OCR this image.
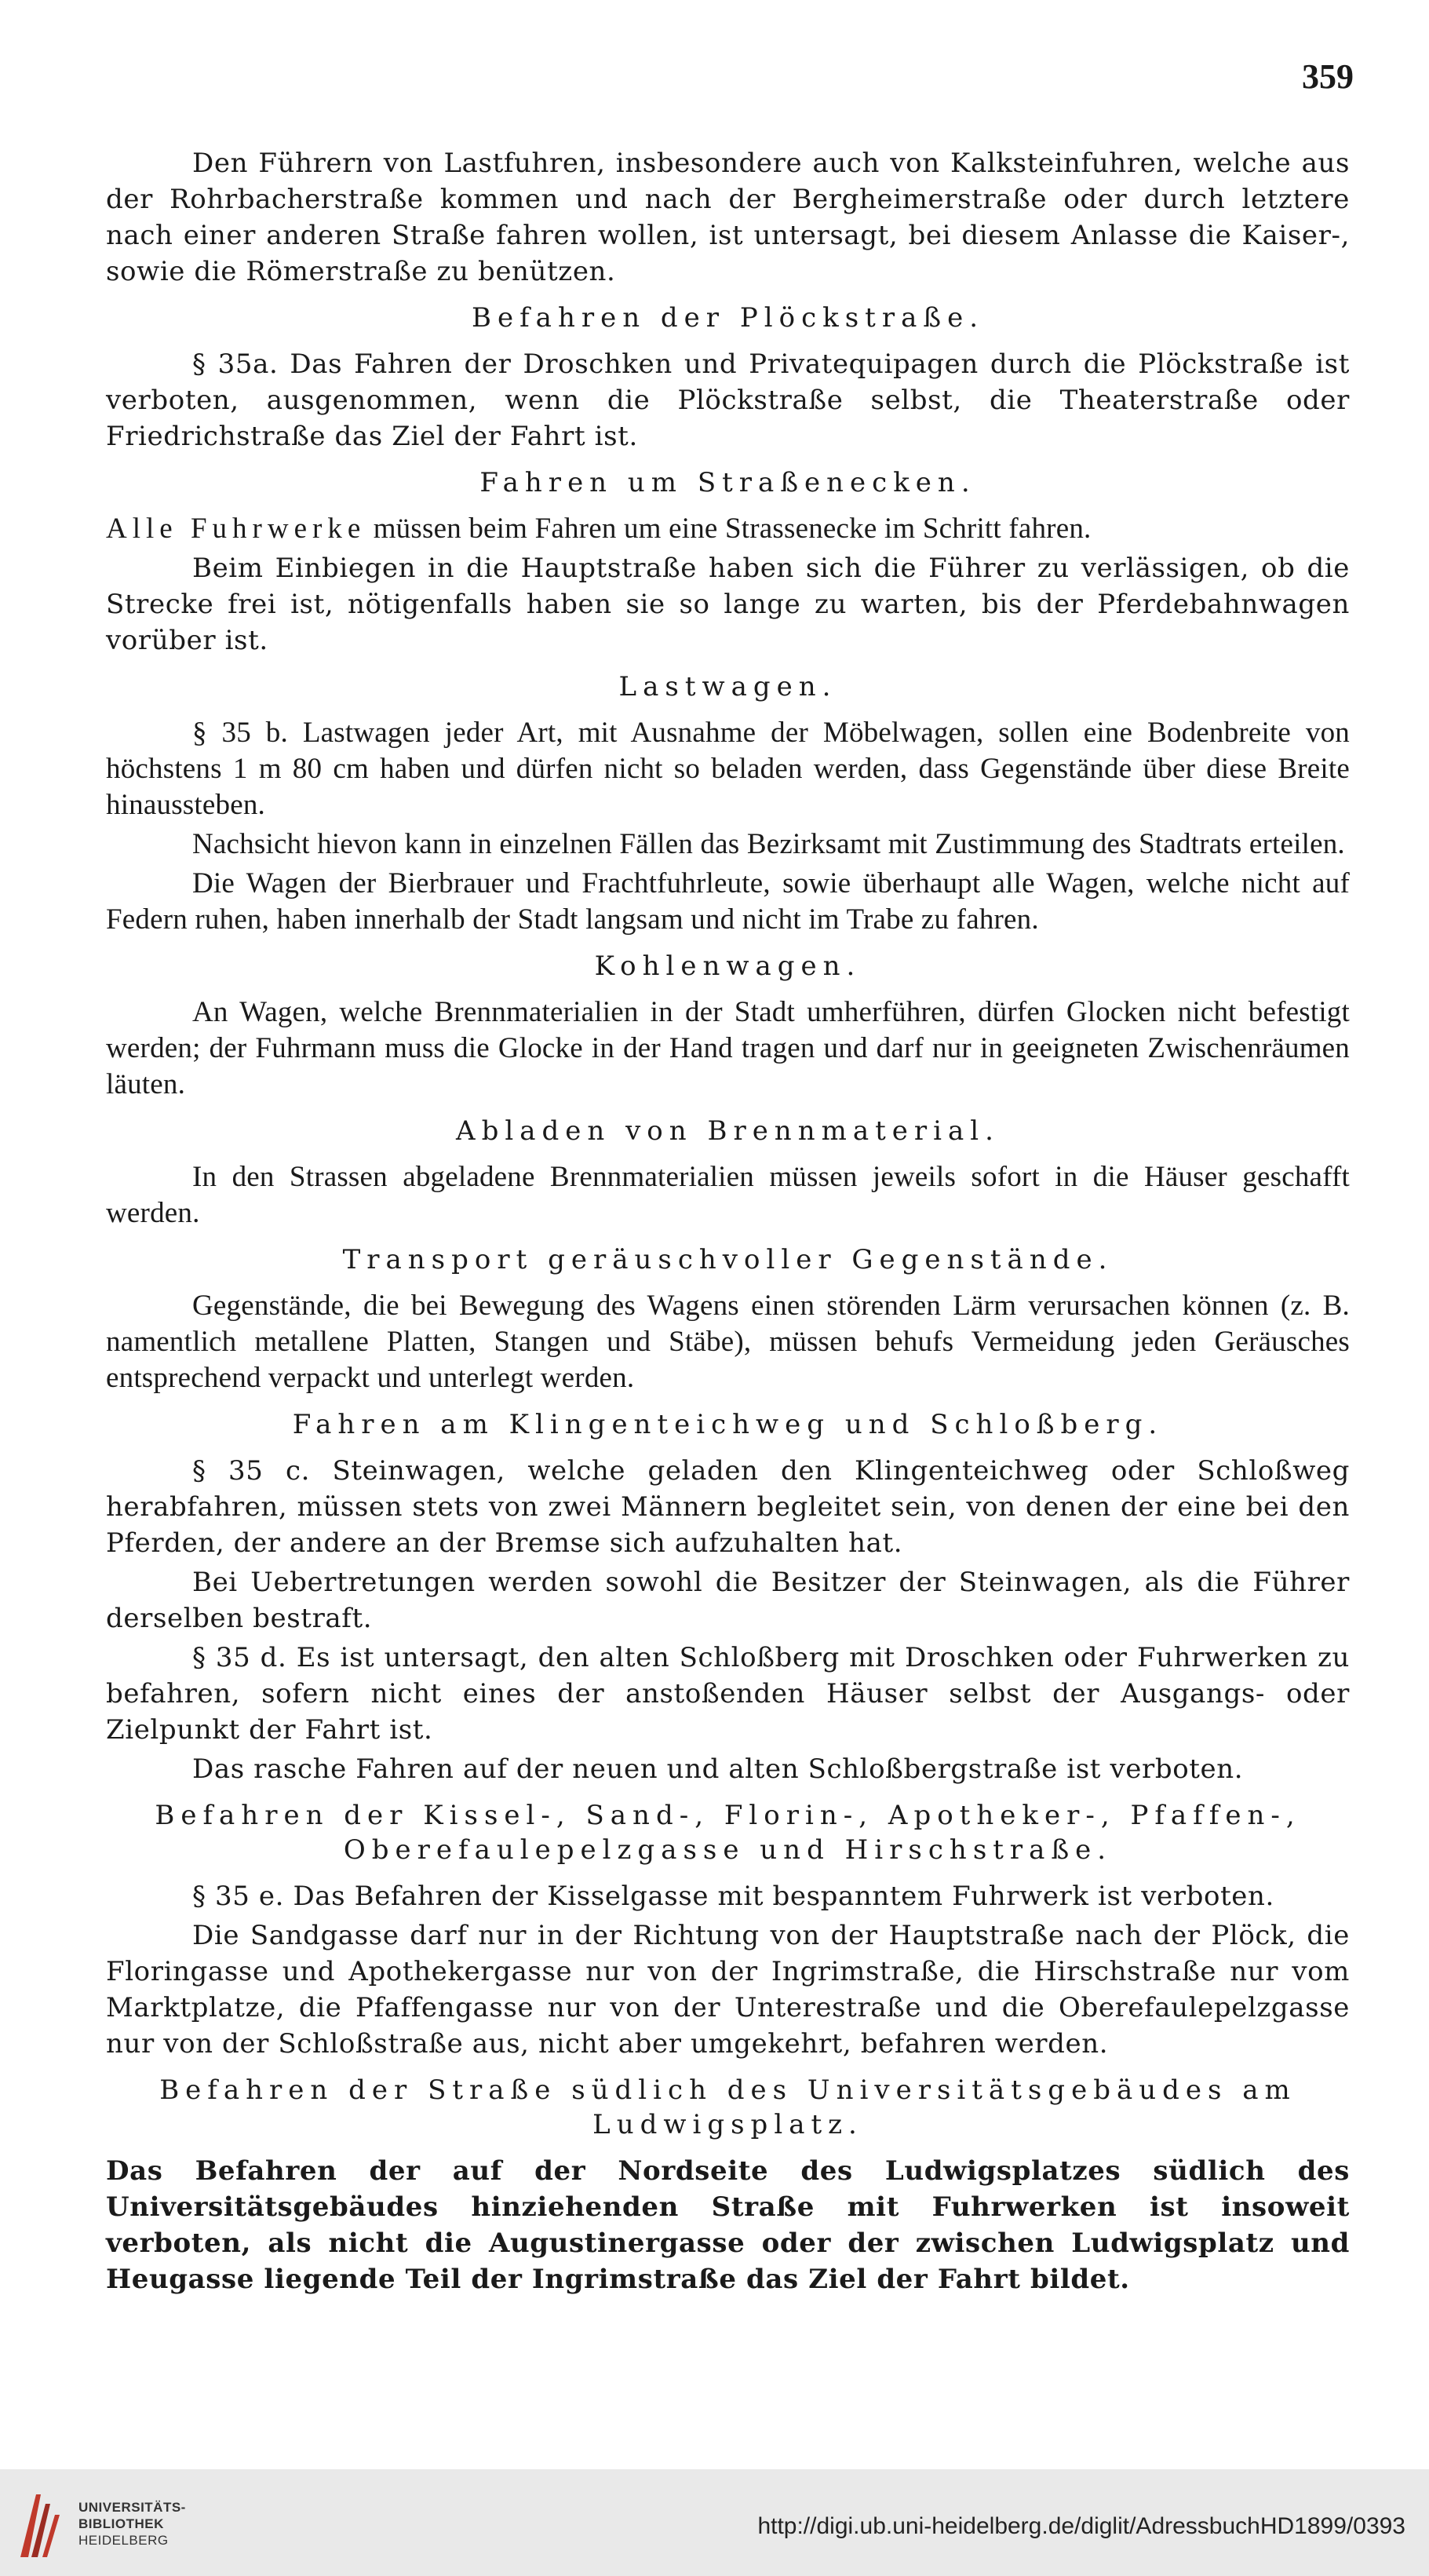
359

Den Führern von Lastfuhren, insbesondere auch von Kalksteinfuhren, welche aus der Rohrbacherstraße kommen und nach der Bergheimerstraße oder durch letztere nach einer anderen Straße fahren wollen, ist untersagt, bei diesem Anlasse die Kaiser-, sowie die Römerstraße zu benützen.

Befahren der Plöckstraße.

§ 35a. Das Fahren der Droschken und Privatequipagen durch die Plöckstraße ist verboten, ausgenommen, wenn die Plöckstraße selbst, die Theaterstraße oder Friedrichstraße das Ziel der Fahrt ist.

Fahren um Straßenecken.

Alle Fuhrwerke müssen beim Fahren um eine Strassenecke im Schritt fahren.

Beim Einbiegen in die Hauptstraße haben sich die Führer zu verlässigen, ob die Strecke frei ist, nötigenfalls haben sie so lange zu warten, bis der Pferdebahnwagen vorüber ist.

Lastwagen.

§ 35 b. Lastwagen jeder Art, mit Ausnahme der Möbelwagen, sollen eine Bodenbreite von höchstens 1 m 80 cm haben und dürfen nicht so beladen werden, dass Gegenstände über diese Breite hinaussteben.

Nachsicht hievon kann in einzelnen Fällen das Bezirksamt mit Zustimmung des Stadtrats erteilen.

Die Wagen der Bierbrauer und Frachtfuhrleute, sowie überhaupt alle Wagen, welche nicht auf Federn ruhen, haben innerhalb der Stadt langsam und nicht im Trabe zu fahren.

Kohlenwagen.

An Wagen, welche Brennmaterialien in der Stadt umherführen, dürfen Glocken nicht befestigt werden; der Fuhrmann muss die Glocke in der Hand tragen und darf nur in geeigneten Zwischenräumen läuten.

Abladen von Brennmaterial.

In den Strassen abgeladene Brennmaterialien müssen jeweils sofort in die Häuser geschafft werden.

Transport geräuschvoller Gegenstände.

Gegenstände, die bei Bewegung des Wagens einen störenden Lärm verursachen können (z. B. namentlich metallene Platten, Stangen und Stäbe), müssen behufs Vermeidung jeden Geräusches entsprechend verpackt und unterlegt werden.

Fahren am Klingenteichweg und Schloßberg.

§ 35 c. Steinwagen, welche geladen den Klingenteichweg oder Schloßweg herabfahren, müssen stets von zwei Männern begleitet sein, von denen der eine bei den Pferden, der andere an der Bremse sich aufzuhalten hat.

Bei Uebertretungen werden sowohl die Besitzer der Steinwagen, als die Führer derselben bestraft.

§ 35 d. Es ist untersagt, den alten Schloßberg mit Droschken oder Fuhrwerken zu befahren, sofern nicht eines der anstoßenden Häuser selbst der Ausgangs- oder Zielpunkt der Fahrt ist.

Das rasche Fahren auf der neuen und alten Schloßbergstraße ist verboten.

Befahren der Kissel-, Sand-, Florin-, Apotheker-, Pfaffen-, Oberefaulepelzgasse und Hirschstraße.

§ 35 e. Das Befahren der Kisselgasse mit bespanntem Fuhrwerk ist verboten.

Die Sandgasse darf nur in der Richtung von der Hauptstraße nach der Plöck, die Floringasse und Apothekergasse nur von der Ingrimstraße, die Hirschstraße nur vom Marktplatze, die Pfaffengasse nur von der Unterestraße und die Oberefaulepelzgasse nur von der Schloßstraße aus, nicht aber umgekehrt, befahren werden.

Befahren der Straße südlich des Universitätsgebäudes am Ludwigsplatz.

Das Befahren der auf der Nordseite des Ludwigsplatzes südlich des Universitätsgebäudes hinziehenden Straße mit Fuhrwerken ist insoweit verboten, als nicht die Augustinergasse oder der zwischen Ludwigsplatz und Heugasse liegende Teil der Ingrimstraße das Ziel der Fahrt bildet.

UNIVERSITÄTS-
BIBLIOTHEK
HEIDELBERG
http://digi.ub.uni-heidelberg.de/diglit/AdressbuchHD1899/0393
